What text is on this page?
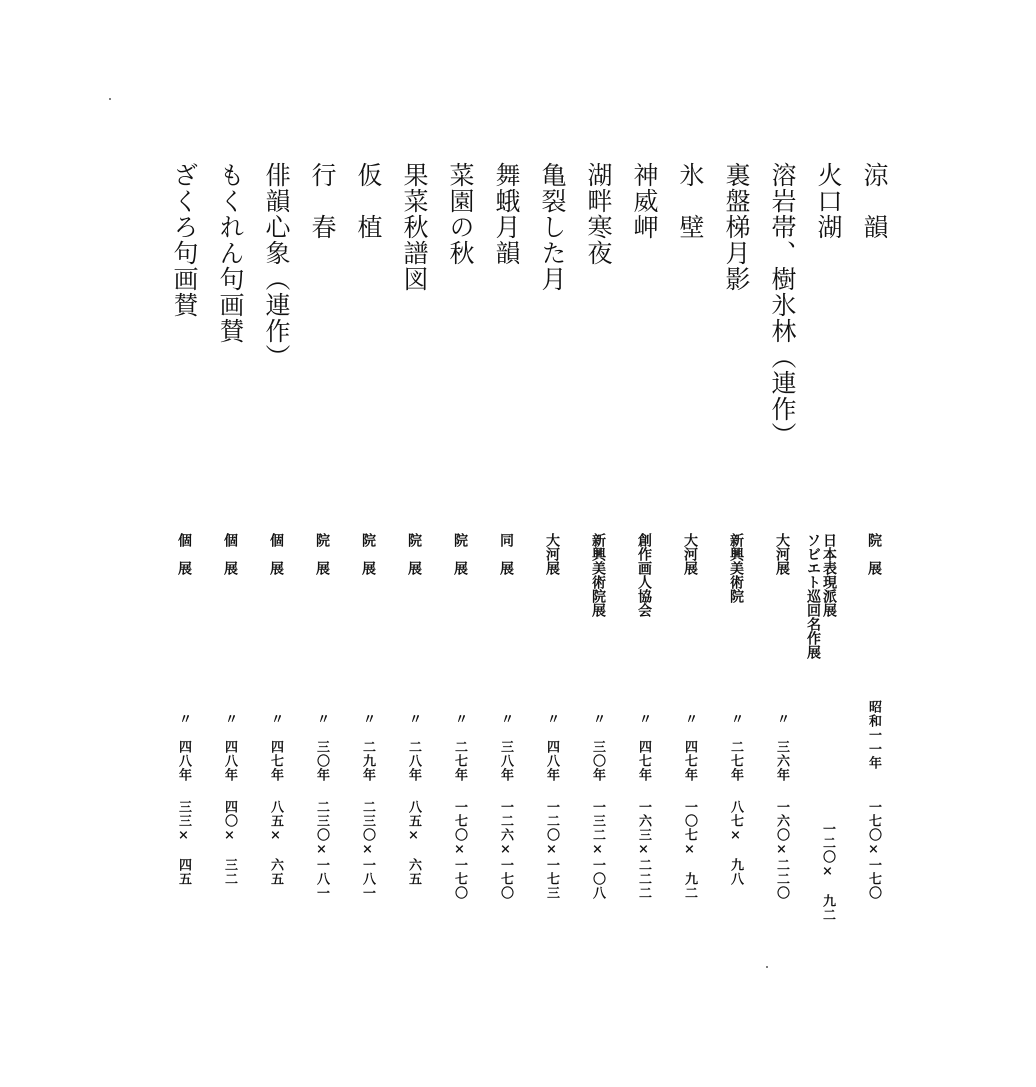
涼　韻
院　展
昭和一一年
一七〇×一七〇
火口湖
日本表現派展
ソビエト巡回名作展
一二〇×　九二
溶岩帯、樹氷林（連作）
大河展
〃　三六年
一六〇×二二〇
裏盤梯月影
新興美術院
〃　二七年
八七×　九八
氷　壁
大河展
〃　四七年
一〇七×　九二
神威岬
創作画人協会
〃　四七年
一六三×二二二
湖畔寒夜
新興美術院展
〃　三〇年
一三二×一〇八
亀裂した月
大河展
〃　四八年
一二〇×一七三
舞蛾月韻
同　展
〃　三八年
一二六×一七〇
菜園の秋
院　展
〃　二七年
一七〇×一七〇
果菜秋譜図
院　展
〃　二八年
八五×　六五
仮　植
院　展
〃　二九年
二三〇×一八一
行　春
院　展
〃　三〇年
二三〇×一八一
俳韻心象（連作）
個　展
〃　四七年
八五×　六五
もくれん句画賛
個　展
〃　四八年
四〇×　三二
ざくろ句画賛
個　展
〃　四八年
三三×　四五
